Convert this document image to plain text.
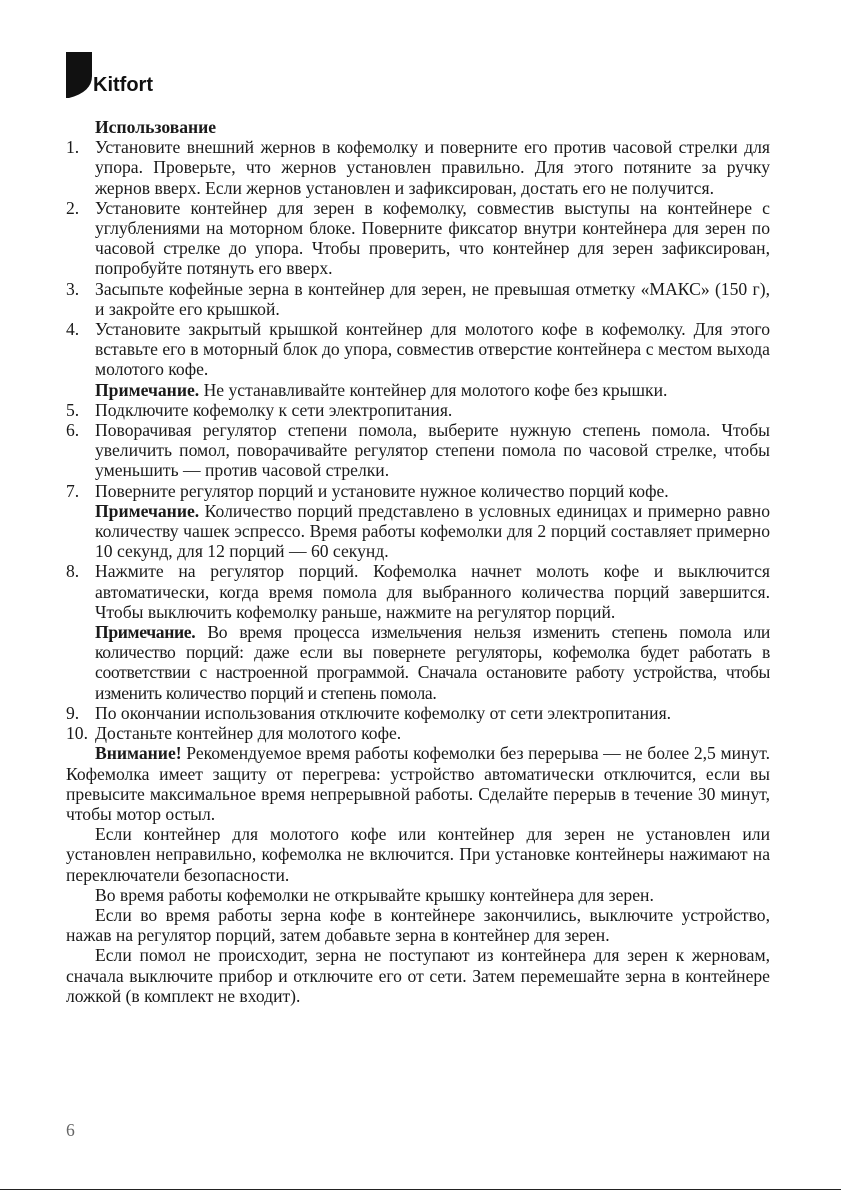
Kitfort
Использование
1. Установите внешний жернов в кофемолку и поверните его против часовой стрелки для упора. Проверьте, что жернов установлен правильно. Для этого потяните за ручку жернов вверх. Если жернов установлен и зафиксирован, достать его не получится.
2. Установите контейнер для зерен в кофемолку, совместив выступы на контейнере с углублениями на моторном блоке. Поверните фиксатор внутри контейнера для зерен по часовой стрелке до упора. Чтобы проверить, что контейнер для зерен зафиксирован, попробуйте потянуть его вверх.
3. Засыпьте кофейные зерна в контейнер для зерен, не превышая отметку «МАКС» (150 г), и закройте его крышкой.
4. Установите закрытый крышкой контейнер для молотого кофе в кофемолку. Для этого вставьте его в моторный блок до упора, совместив отверстие контейнера с местом выхода молотого кофе.
Примечание. Не устанавливайте контейнер для молотого кофе без крышки.
5. Подключите кофемолку к сети электропитания.
6. Поворачивая регулятор степени помола, выберите нужную степень помола. Чтобы увеличить помол, поворачивайте регулятор степени помола по часовой стрелке, чтобы уменьшить — против часовой стрелки.
7. Поверните регулятор порций и установите нужное количество порций кофе.
Примечание. Количество порций представлено в условных единицах и примерно равно количеству чашек эспрессо. Время работы кофемолки для 2 порций составляет примерно 10 секунд, для 12 порций — 60 секунд.
8. Нажмите на регулятор порций. Кофемолка начнет молоть кофе и выключится автоматически, когда время помола для выбранного количества порций завершится. Чтобы выключить кофемолку раньше, нажмите на регулятор порций.
Примечание. Во время процесса измельчения нельзя изменить степень помола или количество порций: даже если вы повернете регуляторы, кофемолка будет работать в соответствии с настроенной программой. Сначала остановите работу устройства, чтобы изменить количество порций и степень помола.
9. По окончании использования отключите кофемолку от сети электропитания.
10. Достаньте контейнер для молотого кофе.

Внимание! Рекомендуемое время работы кофемолки без перерыва — не более 2,5 минут. Кофемолка имеет защиту от перегрева: устройство автоматически отключится, если вы превысите максимальное время непрерывной работы. Сделайте перерыв в течение 30 минут, чтобы мотор остыл.

Если контейнер для молотого кофе или контейнер для зерен не установлен или установлен неправильно, кофемолка не включится. При установке контейнеры нажимают на переключатели безопасности.

Во время работы кофемолки не открывайте крышку контейнера для зерен.

Если во время работы зерна кофе в контейнере закончились, выключите устройство, нажав на регулятор порций, затем добавьте зерна в контейнер для зерен.

Если помол не происходит, зерна не поступают из контейнера для зерен к жерновам, сначала выключите прибор и отключите его от сети. Затем перемешайте зерна в контейнере ложкой (в комплект не входит).

6
